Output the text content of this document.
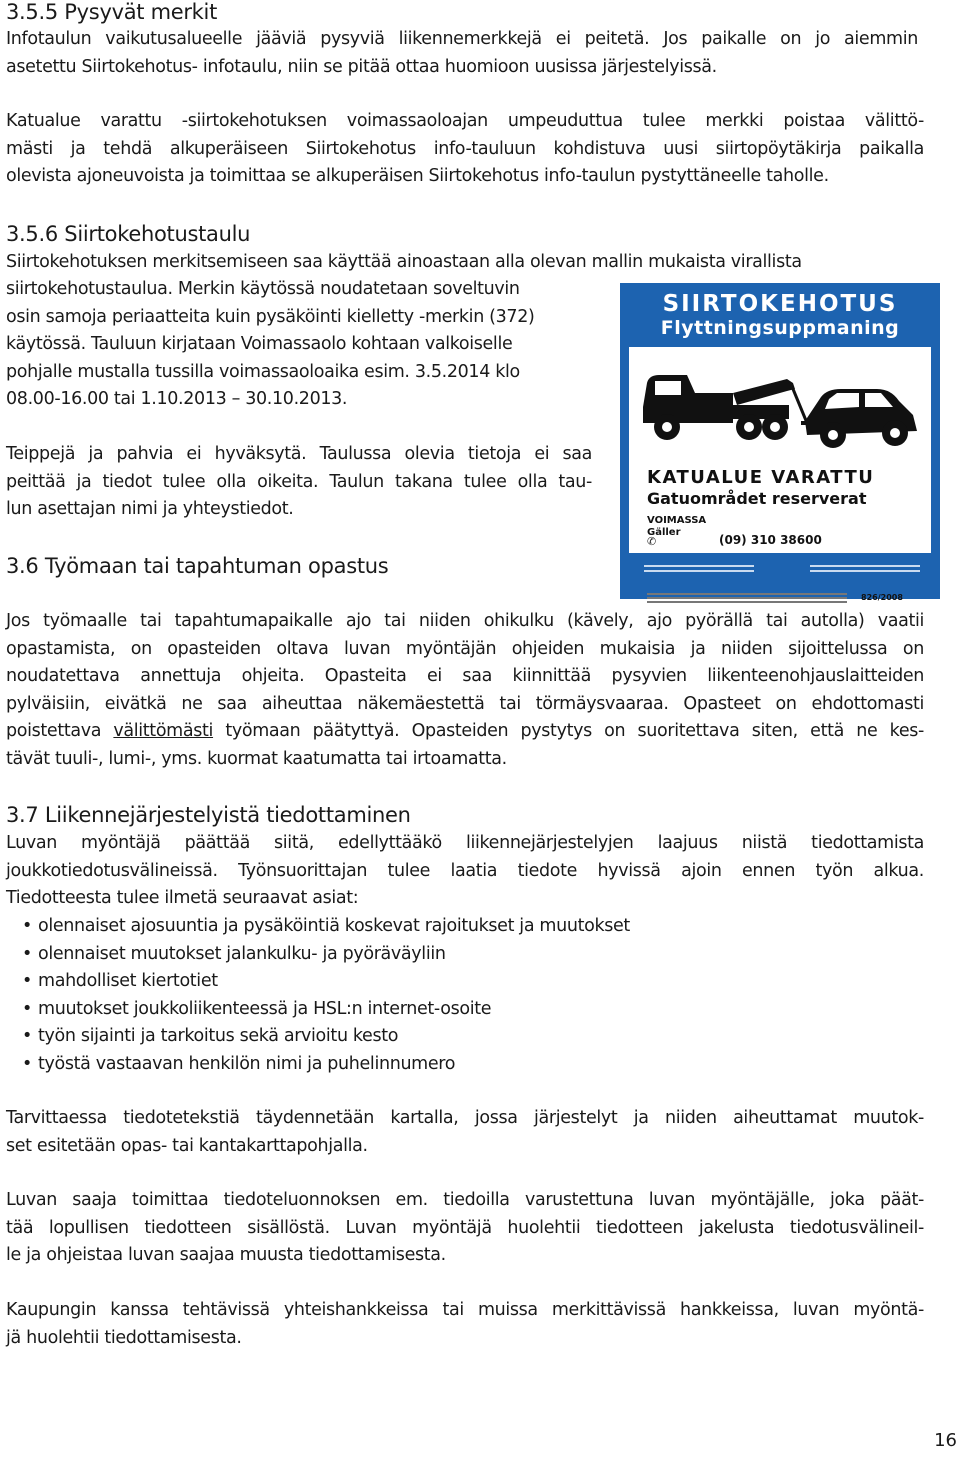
3.5.5 Pysyvät merkit
Infotaulun vaikutusalueelle jääviä pysyviä liikennemerkkejä ei peitetä. Jos paikalle on jo aiemmin
asetettu Siirtokehotus- infotaulu, niin se pitää ottaa huomioon uusissa järjestelyissä.
Katualue varattu -siirtokehotuksen voimassaoloajan umpeuduttua tulee merkki poistaa välittö-
mästi ja tehdä alkuperäiseen Siirtokehotus info-tauluun kohdistuva uusi siirtopöytäkirja paikalla
olevista ajoneuvoista ja toimittaa se alkuperäisen Siirtokehotus info-taulun pystyttäneelle taholle.
3.5.6 Siirtokehotustaulu
Siirtokehotuksen merkitsemiseen saa käyttää ainoastaan alla olevan mallin mukaista virallista
siirtokehotustaulua. Merkin käytössä noudatetaan soveltuvin
osin samoja periaatteita kuin pysäköinti kielletty -merkin (372)
käytössä. Tauluun kirjataan Voimassaolo kohtaan valkoiselle
pohjalle mustalla tussilla voimassaoloaika esim. 3.5.2014 klo
08.00-16.00 tai 1.10.2013 – 30.10.2013.
Teippejä ja pahvia ei hyväksytä. Taulussa olevia tietoja ei saa
peittää ja tiedot tulee olla oikeita. Taulun takana tulee olla tau-
lun asettajan nimi ja yhteystiedot.
SIIRTOKEHOTUS
Flyttningsuppmaning
KATUALUE VARATTU
Gatuområdet reserverat
VOIMASSA
Gäller
✆	(09) 310 38600
826/2008
3.6 Työmaan tai tapahtuman opastus
Jos työmaalle tai tapahtumapaikalle ajo tai niiden ohikulku (kävely, ajo pyörällä tai autolla) vaatii
opastamista, on opasteiden oltava luvan myöntäjän ohjeiden mukaisia ja niiden sijoittelussa on
noudatettava annettuja ohjeita. Opasteita ei saa kiinnittää pysyvien liikenteenohjauslaitteiden
pylväisiin, eivätkä ne saa aiheuttaa näkemäestettä tai törmäysvaaraa. Opasteet on ehdottomasti
poistettava välittömästi työmaan päätyttyä. Opasteiden pystytys on suoritettava siten, että ne kes-
tävät tuuli-, lumi-, yms. kuormat kaatumatta tai irtoamatta.
3.7 Liikennejärjestelyistä tiedottaminen
Luvan myöntäjä päättää siitä, edellyttääkö liikennejärjestelyjen laajuus niistä tiedottamista
joukkotiedotusvälineissä. Työnsuorittajan tulee laatia tiedote hyvissä ajoin ennen työn alkua.
Tiedotteesta tulee ilmetä seuraavat asiat:
• olennaiset ajosuuntia ja pysäköintiä koskevat rajoitukset ja muutokset
• olennaiset muutokset jalankulku- ja pyöräväyliin
• mahdolliset kiertotiet
• muutokset joukkoliikenteessä ja HSL:n internet-osoite
• työn sijainti ja tarkoitus sekä arvioitu kesto
• työstä vastaavan henkilön nimi ja puhelinnumero
Tarvittaessa tiedotetekstiä täydennetään kartalla, jossa järjestelyt ja niiden aiheuttamat muutok-
set esitetään opas- tai kantakarttapohjalla.
Luvan saaja toimittaa tiedoteluonnoksen em. tiedoilla varustettuna luvan myöntäjälle, joka päät-
tää lopullisen tiedotteen sisällöstä. Luvan myöntäjä huolehtii tiedotteen jakelusta tiedotusvälineil-
le ja ohjeistaa luvan saajaa muusta tiedottamisesta.
Kaupungin kanssa tehtävissä yhteishankkeissa tai muissa merkittävissä hankkeissa, luvan myöntä-
jä huolehtii tiedottamisesta.
16
